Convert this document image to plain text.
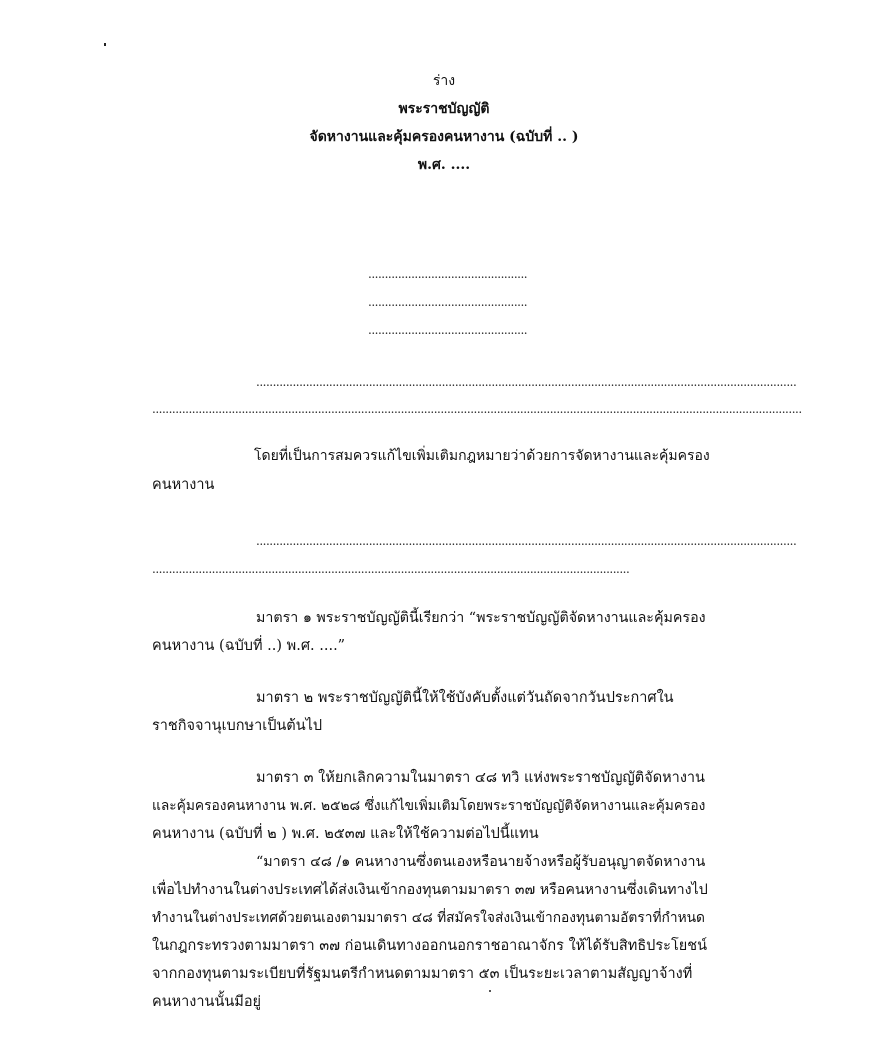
ร่าง
พระราชบัญญัติ
จัดหางานและคุ้มครองคนหางาน (ฉบับที่ .. )
พ.ศ. ....
................................................
................................................
................................................
...................................................................................................................................................................
....................................................................................................................................................................................................
โดยที่เป็นการสมควรแก้ไขเพิ่มเติมกฎหมายว่าด้วยการจัดหางานและคุ้มครอง
คนหางาน
...................................................................................................................................................................
................................................................................................................................................
มาตรา ๑ พระราชบัญญัตินี้เรียกว่า “พระราชบัญญัติจัดหางานและคุ้มครอง
คนหางาน (ฉบับที่ ..) พ.ศ. ....”
มาตรา ๒ พระราชบัญญัตินี้ให้ใช้บังคับตั้งแต่วันถัดจากวันประกาศใน
ราชกิจจานุเบกษาเป็นต้นไป
มาตรา ๓ ให้ยกเลิกความในมาตรา ๔๘ ทวิ แห่งพระราชบัญญัติจัดหางาน
และคุ้มครองคนหางาน พ.ศ. ๒๕๒๘ ซึ่งแก้ไขเพิ่มเติมโดยพระราชบัญญัติจัดหางานและคุ้มครอง
คนหางาน (ฉบับที่ ๒ ) พ.ศ. ๒๕๓๗ และให้ใช้ความต่อไปนี้แทน
“มาตรา ๔๘ /๑ คนหางานซึ่งตนเองหรือนายจ้างหรือผู้รับอนุญาตจัดหางาน
เพื่อไปทำงานในต่างประเทศได้ส่งเงินเข้ากองทุนตามมาตรา ๓๗ หรือคนหางานซึ่งเดินทางไป
ทำงานในต่างประเทศด้วยตนเองตามมาตรา ๔๘ ที่สมัครใจส่งเงินเข้ากองทุนตามอัตราที่กำหนด
ในกฎกระทรวงตามมาตรา ๓๗ ก่อนเดินทางออกนอกราชอาณาจักร ให้ได้รับสิทธิประโยชน์
จากกองทุนตามระเบียบที่รัฐมนตรีกำหนดตามมาตรา ๕๓ เป็นระยะเวลาตามสัญญาจ้างที่
คนหางานนั้นมีอยู่
